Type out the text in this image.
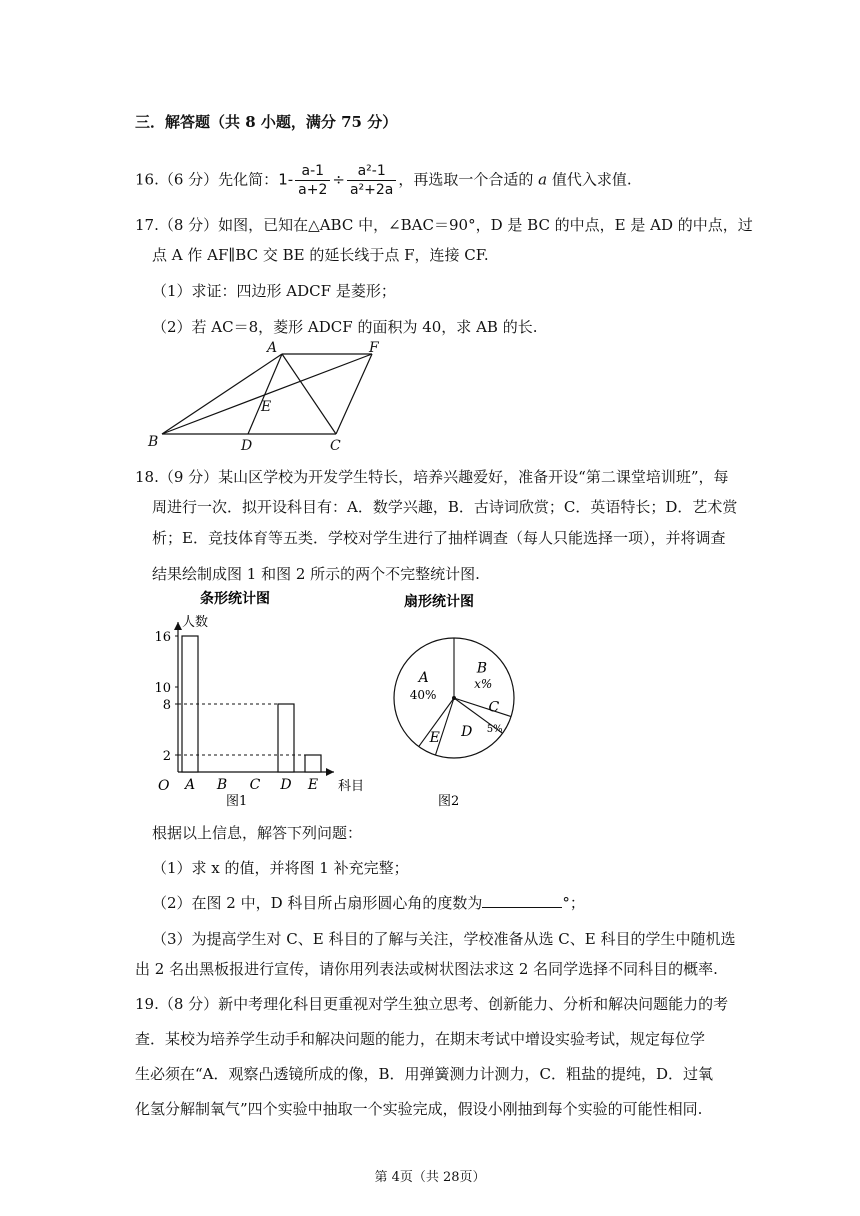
三．解答题（共 8 小题，满分 75 分）
16.（6 分）先化简：$1- \frac{a-1}{a+2} \div \frac{\text{a²-1}}{\text{a²+2a}}$ ，再选取一个合适的 a 值代入求值.
17.（8 分）如图，已知在△ABC 中，∠BAC＝90°，D 是 BC 的中点，E 是 AD 的中点，过
点 A 作 AF∥BC 交 BE 的延长线于点 F，连接 CF.
（1）求证：四边形 ADCF 是菱形；
（2）若 AC＝8，菱形 ADCF 的面积为 40，求 AB 的长.
A	F
E
B	D	C
18.（9 分）某山区学校为开发学生特长，培养兴趣爱好，准备开设“第二课堂培训班”，每
周进行一次．拟开设科目有：A．数学兴趣，B．古诗词欣赏；C．英语特长；D．艺术赏
析；E．竞技体育等五类．学校对学生进行了抽样调查（每人只能选择一项），并将调查
结果绘制成图 1 和图 2 所示的两个不完整统计图.
条形统计图
人数
科目
O
图1
2
8
10
16
A B C D E
扇形统计图
图2
A
40%
B
x%
C
5%
D
E
根据以上信息，解答下列问题：
（1）求 x 的值，并将图 1 补充完整；
（2）在图 2 中，D 科目所占扇形圆心角的度数为	°；
（3）为提高学生对 C、E 科目的了解与关注，学校准备从选 C、E 科目的学生中随机选
出 2 名出黑板报进行宣传，请你用列表法或树状图法求这 2 名同学选择不同科目的概率.
19.（8 分）新中考理化科目更重视对学生独立思考、创新能力、分析和解决问题能力的考
查．某校为培养学生动手和解决问题的能力，在期末考试中增设实验考试，规定每位学
生必须在“A．观察凸透镜所成的像，B．用弹簧测力计测力，C．粗盐的提纯，D．过氧
化氢分解制氧气”四个实验中抽取一个实验完成，假设小刚抽到每个实验的可能性相同.
第 4页（共 28页）
